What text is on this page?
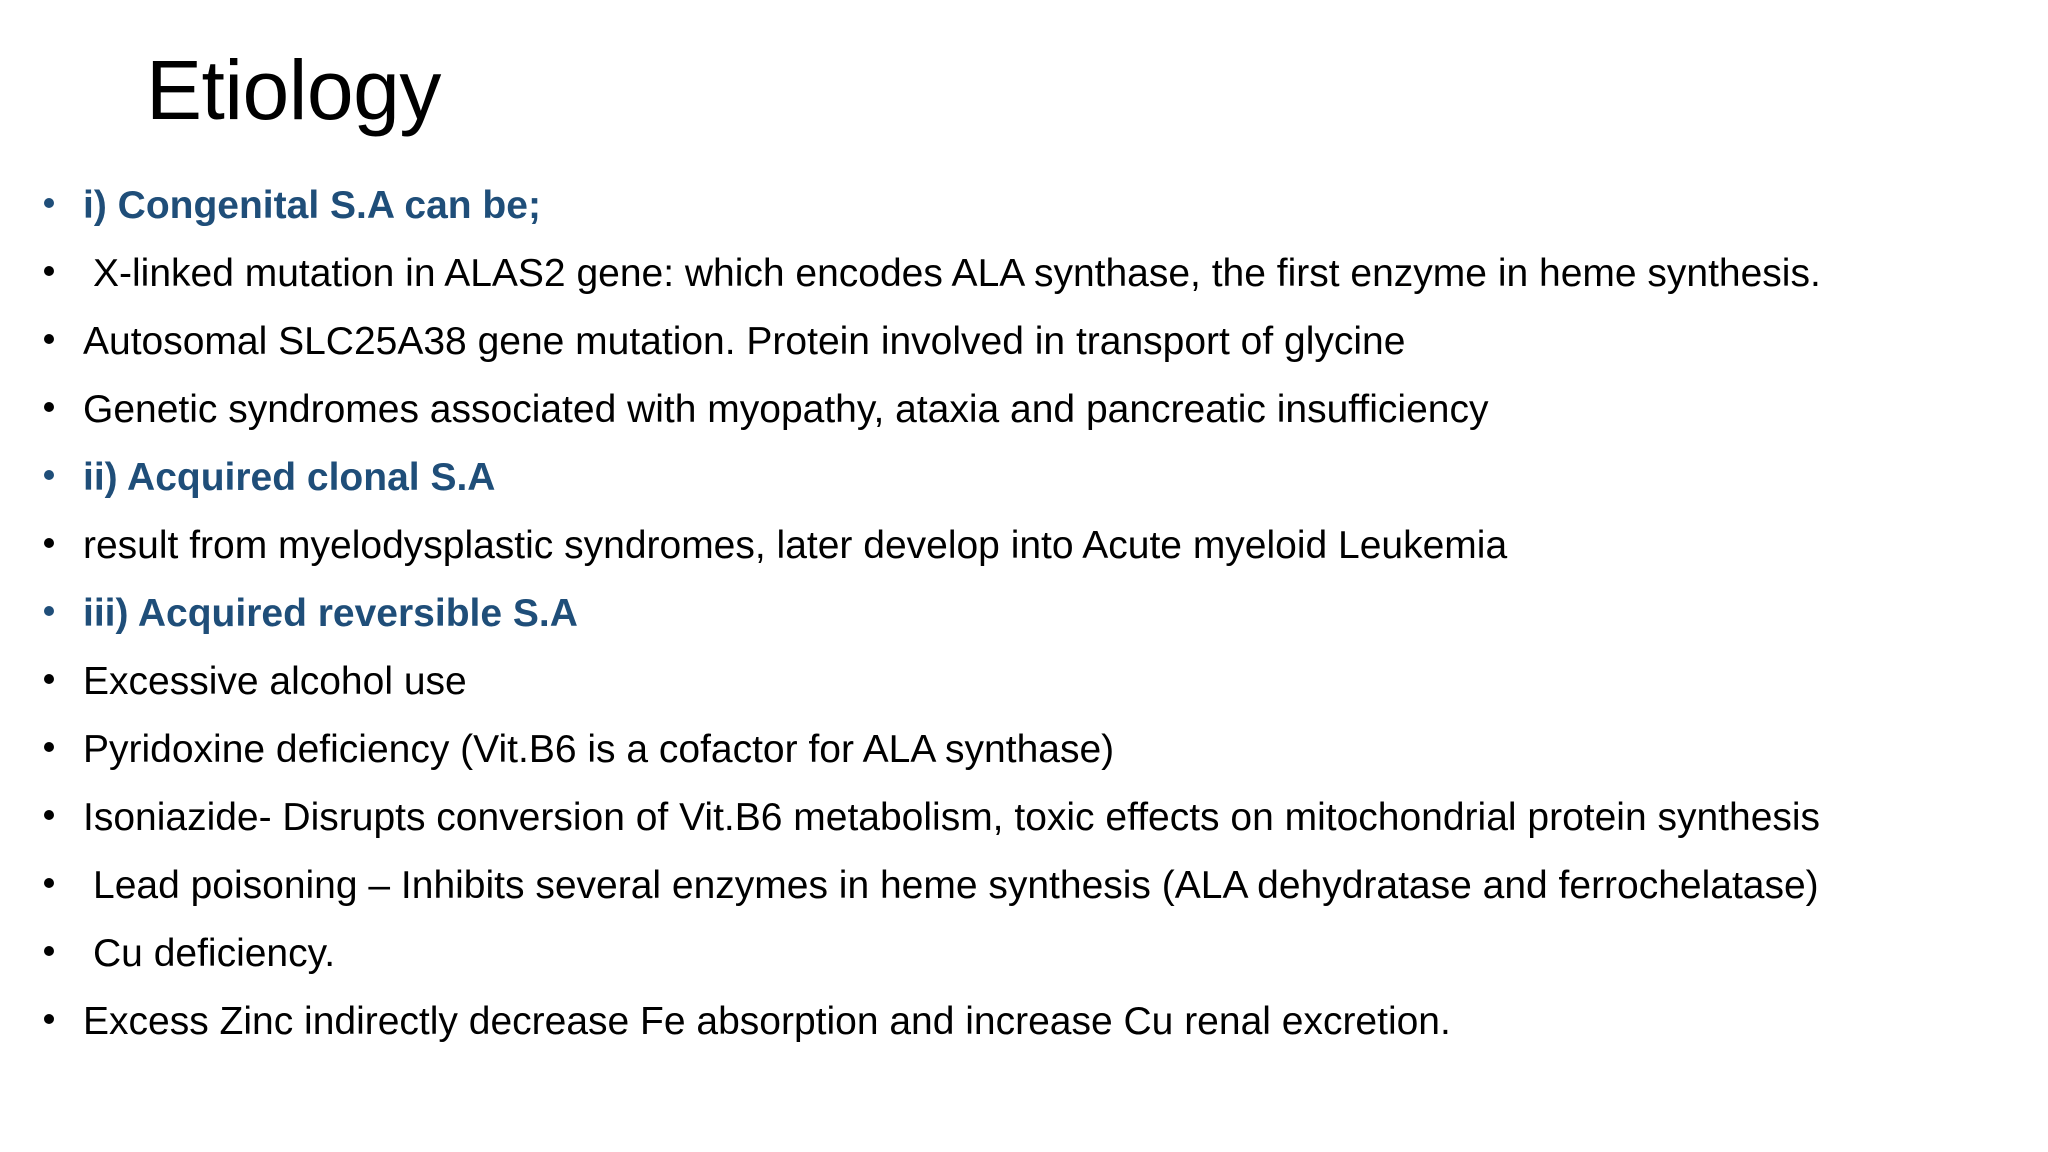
Etiology
i) Congenital S.A can be;
X-linked mutation in ALAS2 gene: which encodes ALA synthase, the first enzyme in heme synthesis.
Autosomal SLC25A38 gene mutation. Protein involved in transport of glycine
Genetic syndromes associated with myopathy, ataxia and pancreatic insufficiency
ii) Acquired clonal S.A
result from myelodysplastic syndromes, later develop into Acute myeloid Leukemia
iii) Acquired reversible S.A
Excessive alcohol use
Pyridoxine deficiency (Vit.B6 is a cofactor for ALA synthase)
Isoniazide- Disrupts conversion of Vit.B6 metabolism, toxic effects on mitochondrial protein synthesis
Lead poisoning – Inhibits several enzymes in heme synthesis (ALA dehydratase and ferrochelatase)
Cu deficiency.
Excess Zinc indirectly decrease Fe absorption and increase Cu renal excretion.
